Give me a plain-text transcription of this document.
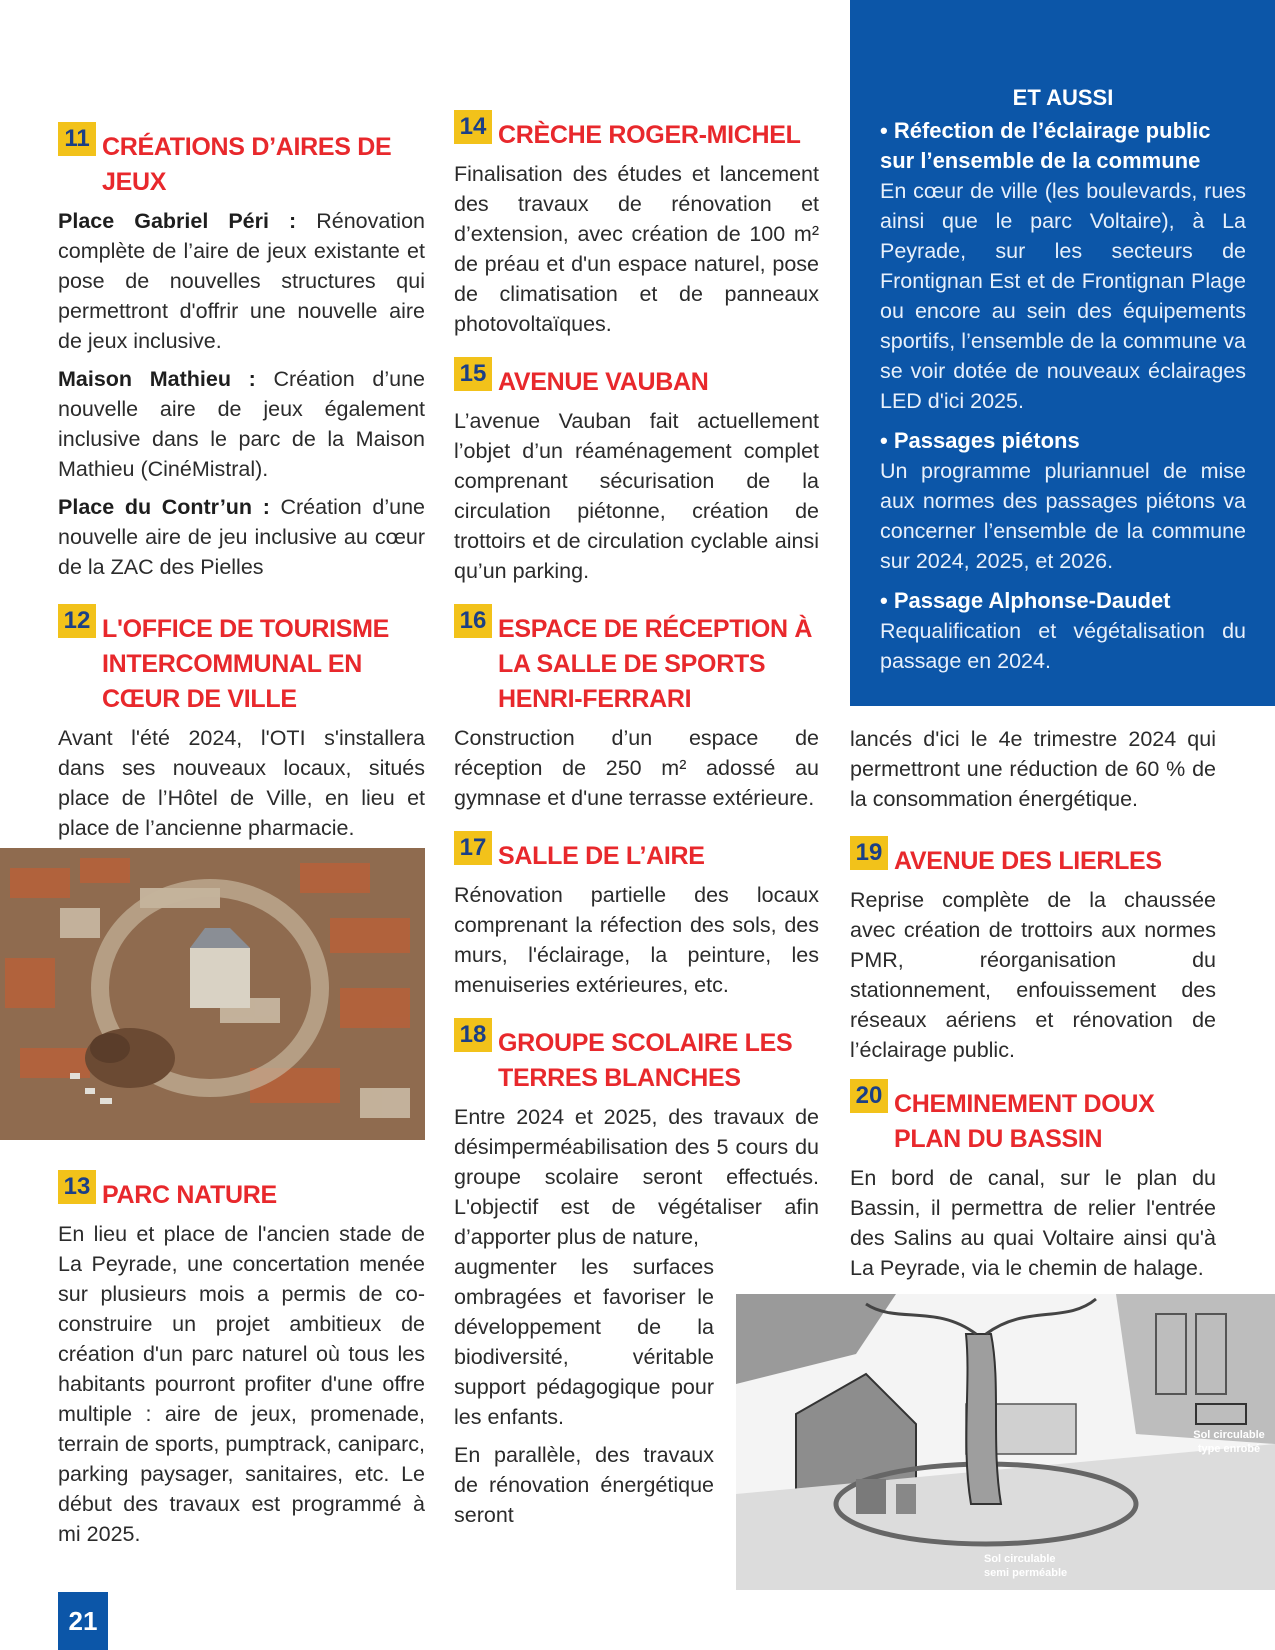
11 CRÉATIONS D’AIRES DE JEUX

Place Gabriel Péri : Rénovation complète de l’aire de jeux existante et pose de nouvelles structures qui permettront d'offrir une nouvelle aire de jeux inclusive.

Maison Mathieu : Création d’une nouvelle aire de jeux également inclusive dans le parc de la Maison Mathieu (CinéMistral).

Place du Contr’un : Création d’une nouvelle aire de jeu inclusive au cœur de la ZAC des Pielles

12 L'OFFICE DE TOURISME INTERCOMMUNAL EN CŒUR DE VILLE

Avant l'été 2024, l'OTI s'installera dans ses nouveaux locaux, situés place de l’Hôtel de Ville, en lieu et place de l’ancienne pharmacie.

13 PARC NATURE

En lieu et place de l'ancien stade de La Peyrade, une concertation menée sur plusieurs mois a permis de co-construire un projet ambitieux de création d'un parc naturel où tous les habitants pourront profiter d'une offre multiple : aire de jeux, promenade, terrain de sports, pumptrack, caniparc, parking paysager, sanitaires, etc. Le début des travaux est programmé à mi 2025.

14 CRÈCHE ROGER-MICHEL

Finalisation des études et lancement des travaux de rénovation et d’extension, avec création de 100 m² de préau et d'un espace naturel, pose de climatisation et de panneaux photovoltaïques.

15 AVENUE VAUBAN

L’avenue Vauban fait actuellement l’objet d’un réaménagement complet comprenant sécurisation de la circulation piétonne, création de trottoirs et de circulation cyclable ainsi qu’un parking.

16 ESPACE DE RÉCEPTION À LA SALLE DE SPORTS HENRI-FERRARI

Construction d’un espace de réception de 250 m² adossé au gymnase et d'une terrasse extérieure.

17 SALLE DE L’AIRE

Rénovation partielle des locaux comprenant la réfection des sols, des murs, l'éclairage, la peinture, les menuiseries extérieures, etc.

18 GROUPE SCOLAIRE LES TERRES BLANCHES

Entre 2024 et 2025, des travaux de désimperméabilisation des 5 cours du groupe scolaire seront effectués. L'objectif est de végétaliser afin d’apporter plus de nature,

augmenter les surfaces ombragées et favoriser le développement de la biodiversité, véritable support pédagogique pour les enfants.

En parallèle, des travaux de rénovation énergétique seront

ET AUSSI
• Réfection de l’éclairage public sur l’ensemble de la commune

En cœur de ville (les boulevards, rues ainsi que le parc Voltaire), à La Peyrade, sur les secteurs de Frontignan Est et de Frontignan Plage ou encore au sein des équipements sportifs, l’ensemble de la commune va se voir dotée de nouveaux éclairages LED d'ici 2025.

• Passages piétons

Un programme pluriannuel de mise aux normes des passages piétons va concerner l’ensemble de la commune sur 2024, 2025, et 2026.

• Passage Alphonse-Daudet

Requalification et végétalisation du passage en 2024.

lancés d'ici le 4e trimestre 2024 qui permettront une réduction de 60 % de la consommation énergétique.

19 AVENUE DES LIERLES

Reprise complète de la chaussée avec création de trottoirs aux normes PMR, réorganisation du stationnement, enfouissement des réseaux aériens et rénovation de l’éclairage public.

20 CHEMINEMENT DOUX PLAN DU BASSIN

En bord de canal, sur le plan du Bassin, il permettra de relier l'entrée des Salins au quai Voltaire ainsi qu'à La Peyrade, via le chemin de halage.

Sol circulable
type enrobé
Sol circulable
semi perméable
21
